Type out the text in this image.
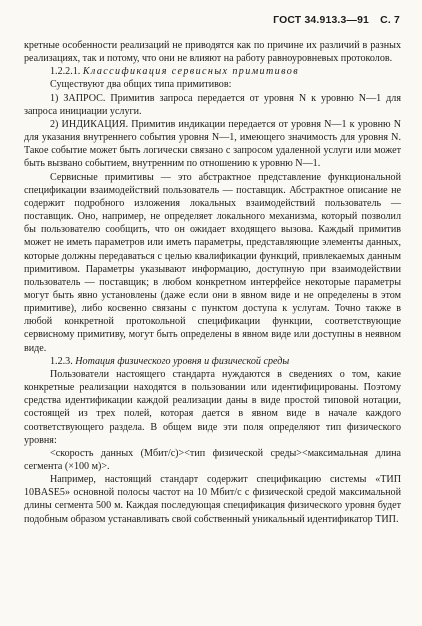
ГОСТ 34.913.3—91 С. 7

кретные особенности реализаций не приводятся как по причине их различий в разных реализациях, так и потому, что они не влияют на работу равноуровневых протоколов.

1.2.2.1. Классификация сервисных примитивов

Существуют два общих типа примитивов:

1) ЗАПРОС. Примитив запроса передается от уровня N к уровню N—1 для запроса инициации услуги.

2) ИНДИКАЦИЯ. Примитив индикации передается от уровня N—1 к уровню N для указания внутреннего события уровня N—1, имеющего значимость для уровня N. Такое событие может быть логически связано с запросом удаленной услуги или может быть вызвано событием, внутренним по отношению к уровню N—1.

Сервисные примитивы — это абстрактное представление функциональной спецификации взаимодействий пользователь — поставщик. Абстрактное описание не содержит подробного изложения локальных взаимодействий пользователь — поставщик. Оно, например, не определяет локального механизма, который позволил бы пользователю сообщить, что он ожидает входящего вызова. Каждый примитив может не иметь параметров или иметь параметры, представляющие элементы данных, которые должны передаваться с целью квалификации функций, привлекаемых данным примитивом. Параметры указывают информацию, доступную при взаимодействии пользователь — поставщик; в любом конкретном интерфейсе некоторые параметры могут быть явно установлены (даже если они в явном виде и не определены в этом примитиве), либо косвенно связаны с пунктом доступа к услугам. Точно также в любой конкретной протокольной спецификации функции, соответствующие сервисному примитиву, могут быть определены в явном виде или доступны в неявном виде.

1.2.3. Нотация физического уровня и физической среды

Пользователи настоящего стандарта нуждаются в сведениях о том, какие конкретные реализации находятся в пользовании или идентифицированы. Поэтому средства идентификации каждой реализации даны в виде простой типовой нотации, состоящей из трех полей, которая дается в явном виде в начале каждого соответствующего раздела. В общем виде эти поля определяют тип физического уровня:

<скорость данных (Мбит/с)><тип физической среды><максимальная длина сегмента (×100 м)>.

Например, настоящий стандарт содержит спецификацию системы «ТИП 10BASE5» основной полосы частот на 10 Мбит/с с физической средой максимальной длины сегмента 500 м. Каждая последующая спецификация физического уровня будет подобным образом устанавливать свой собственный уникальный идентификатор ТИП.
